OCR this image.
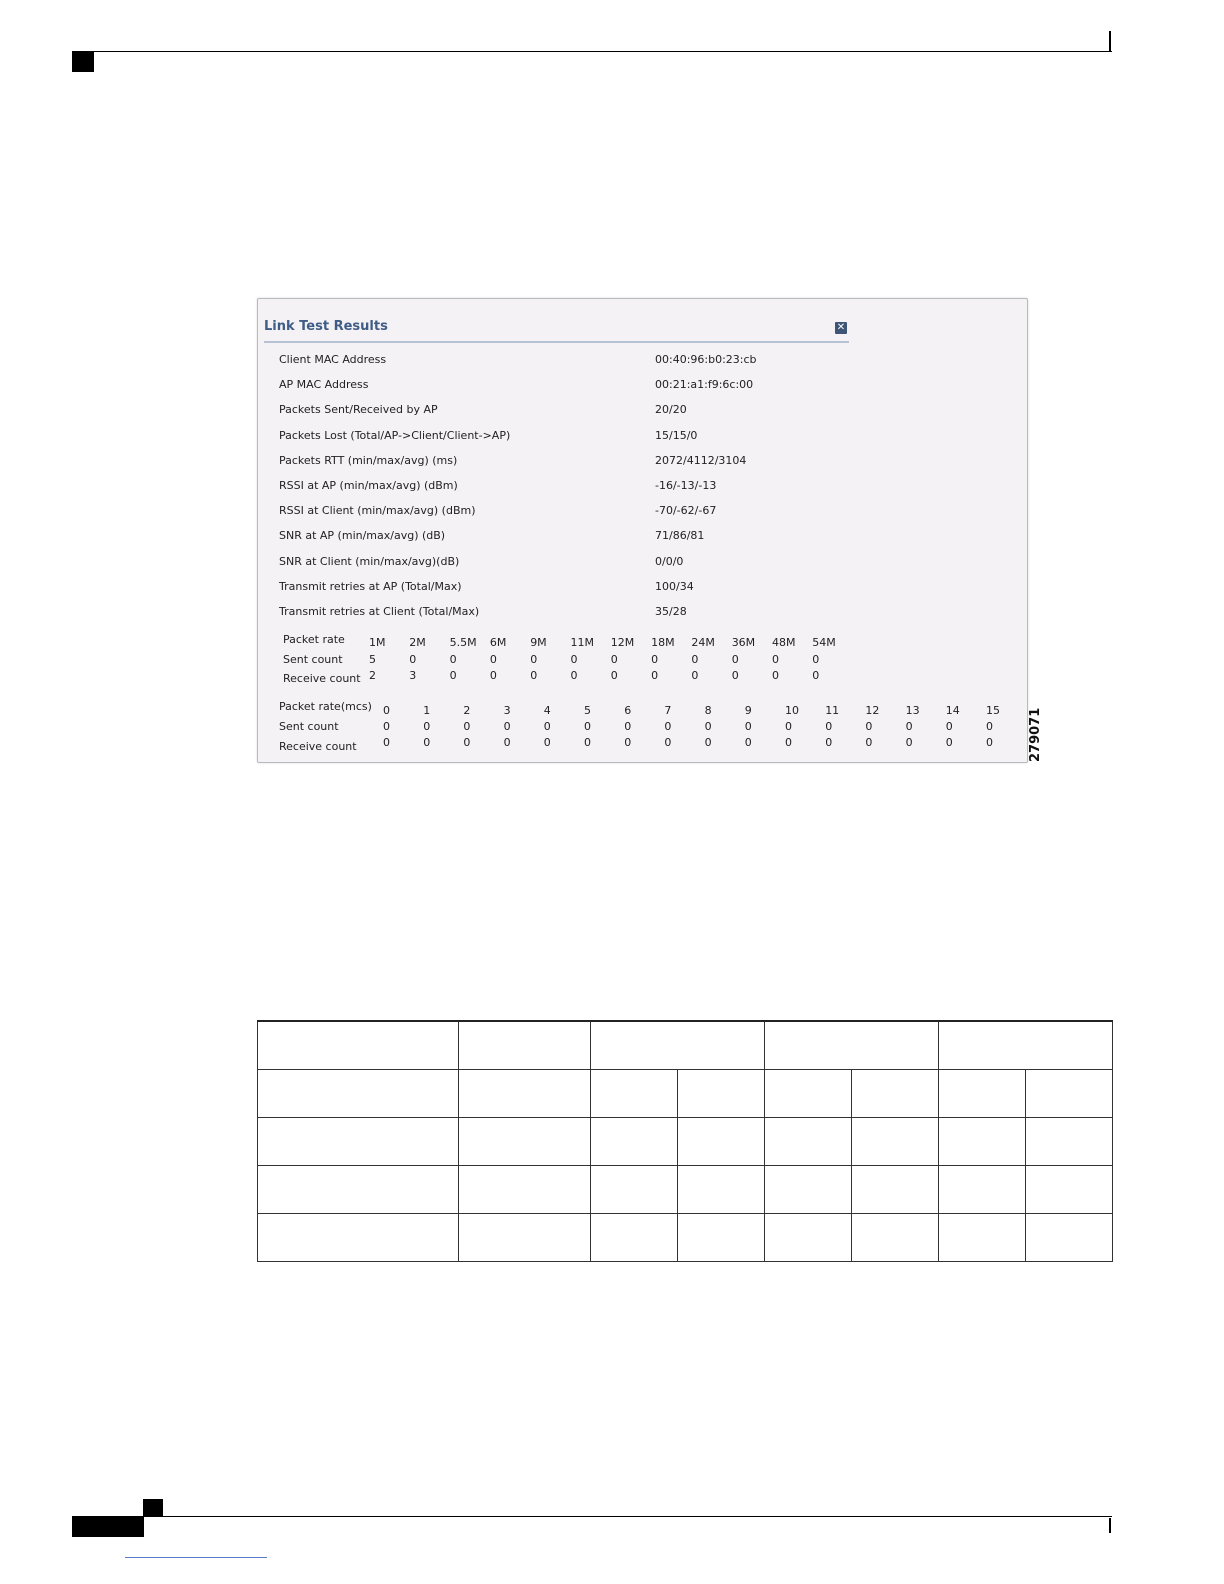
Link Test Results	✕
Client MAC Address	00:40:96:b0:23:cb
AP MAC Address	00:21:a1:f9:6c:00
Packets Sent/Received by AP	20/20
Packets Lost (Total/AP->Client/Client->AP)	15/15/0
Packets RTT (min/max/avg) (ms)	2072/4112/3104
RSSI at AP (min/max/avg) (dBm)	-16/-13/-13
RSSI at Client (min/max/avg) (dBm)	-70/-62/-67
SNR at AP (min/max/avg) (dB)	71/86/81
SNR at Client (min/max/avg)(dB)	0/0/0
Transmit retries at AP (Total/Max)	100/34
Transmit retries at Client (Total/Max)	35/28
Packet rate 1M 2M 5.5M 6M 9M 11M 12M 18M 24M 36M 48M 54M
Sent count 5	0	0	0	0	0	0	0	0	0	0	0
Receive count 2	3	0	0	0	0	0	0	0	0	0	0
Packet rate(mcs) 0	1	2	3	4	5	6	7	8	9	10 11 12 13 14 15
Sent count	0	0	0	0	0	0	0	0	0	0	0	0	0	0	0	0
Receive count 0	0	0	0	0	0	0	0	0	0	0	0	0	0	0	0	279071
